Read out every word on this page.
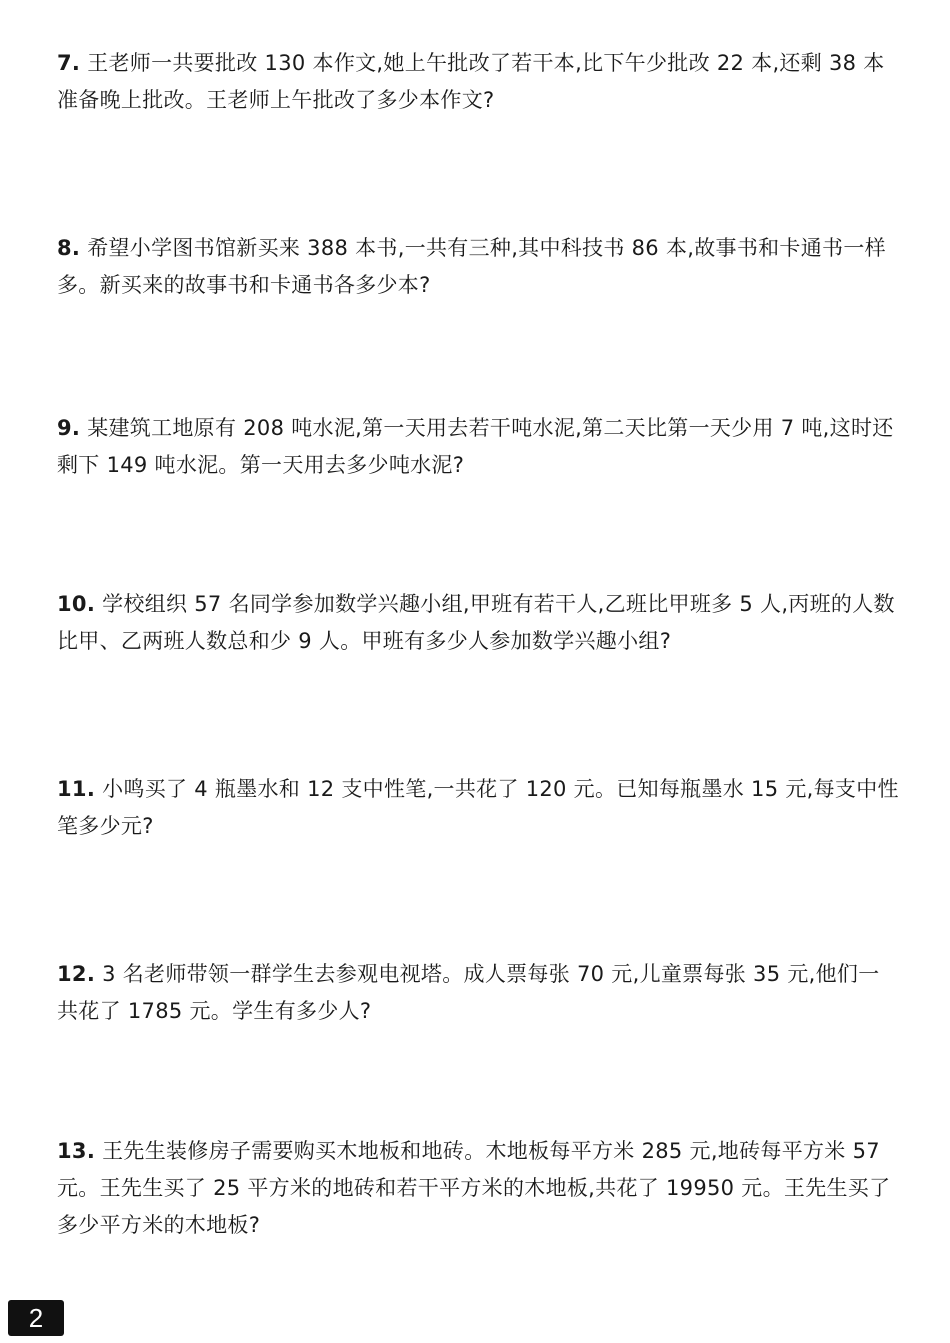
7. 王老师一共要批改 130 本作文,她上午批改了若干本,比下午少批改 22 本,还剩 38 本准备晚上批改。王老师上午批改了多少本作文?

8. 希望小学图书馆新买来 388 本书,一共有三种,其中科技书 86 本,故事书和卡通书一样多。新买来的故事书和卡通书各多少本?

9. 某建筑工地原有 208 吨水泥,第一天用去若干吨水泥,第二天比第一天少用 7 吨,这时还剩下 149 吨水泥。第一天用去多少吨水泥?

10. 学校组织 57 名同学参加数学兴趣小组,甲班有若干人,乙班比甲班多 5 人,丙班的人数比甲、乙两班人数总和少 9 人。甲班有多少人参加数学兴趣小组?

11. 小鸣买了 4 瓶墨水和 12 支中性笔,一共花了 120 元。已知每瓶墨水 15 元,每支中性笔多少元?

12. 3 名老师带领一群学生去参观电视塔。成人票每张 70 元,儿童票每张 35 元,他们一共花了 1785 元。学生有多少人?

13. 王先生装修房子需要购买木地板和地砖。木地板每平方米 285 元,地砖每平方米 57 元。王先生买了 25 平方米的地砖和若干平方米的木地板,共花了 19950 元。王先生买了多少平方米的木地板?

2
